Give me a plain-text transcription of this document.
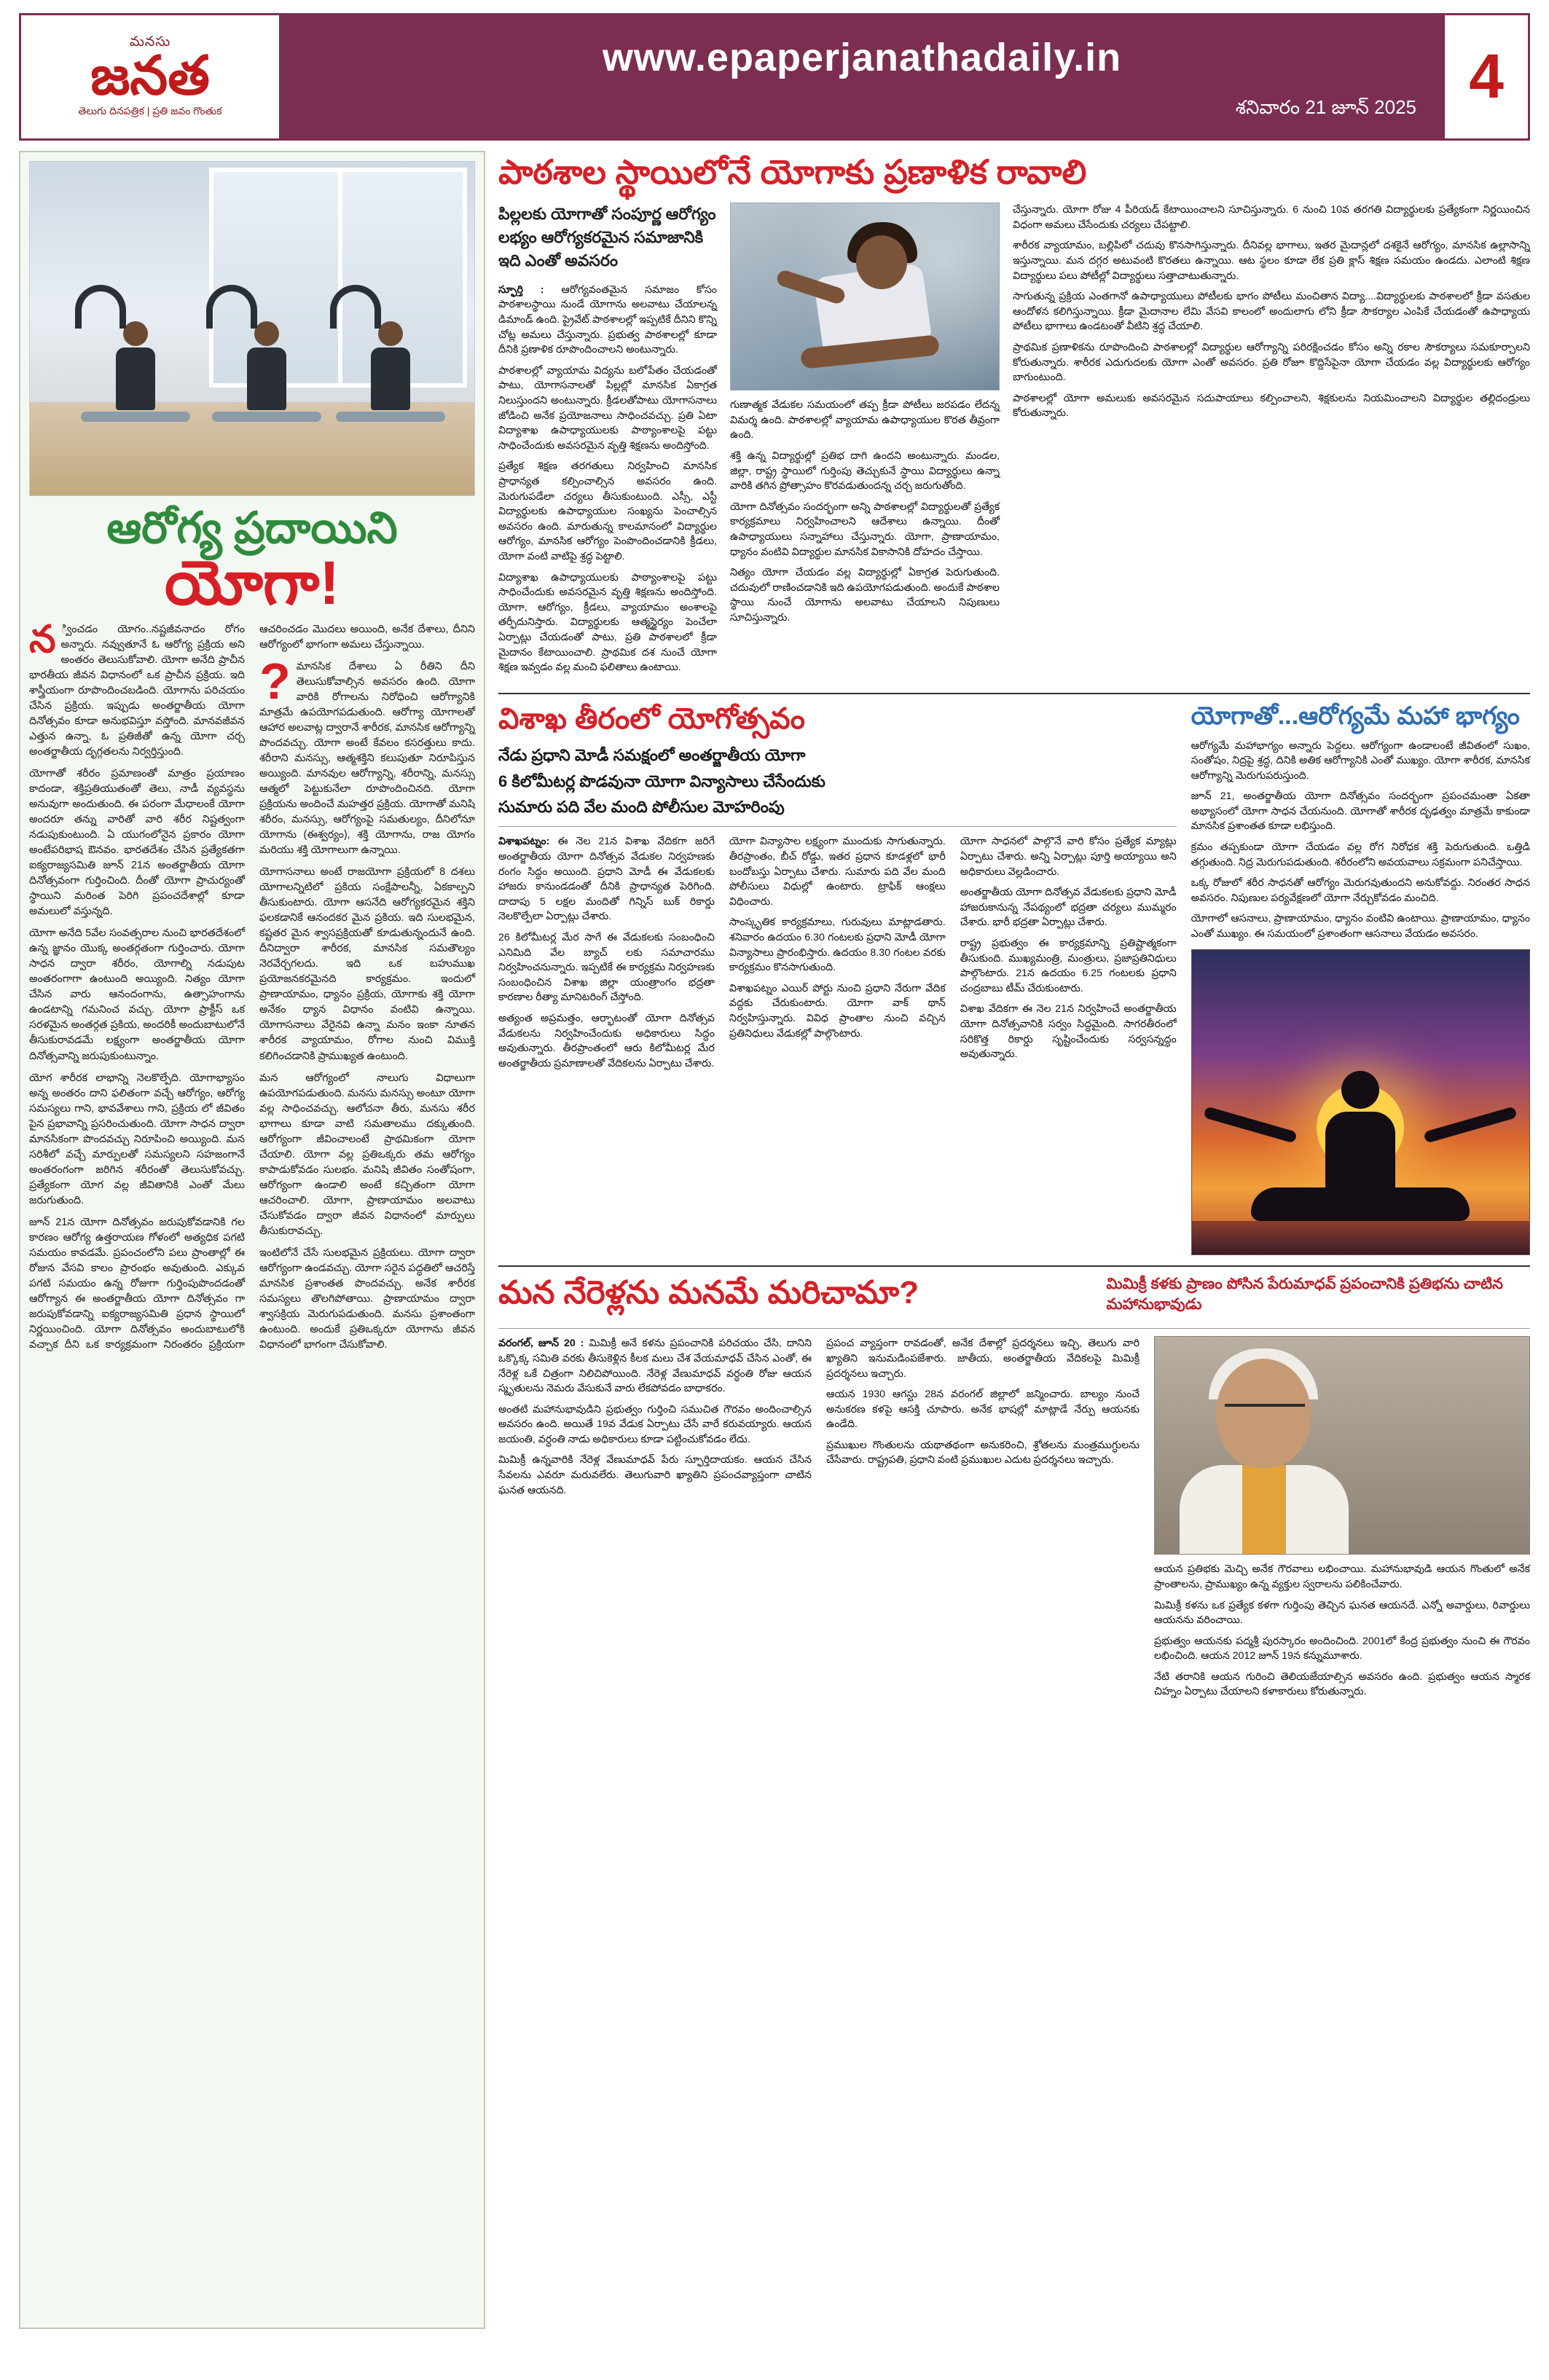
మనసు
జనత
తెలుగు దినపత్రిక | ప్రతి జవం గొంతుక
www.epaperjanathadaily.in
శనివారం 21 జూన్ 2025 4
ఆరోగ్య ప్రదాయిని
యోగా!

న ్వించడం యోగం..నష్టజీవనాదం రోగం అన్నారు. నవ్వుతూనే ఓ ఆరోగ్య ప్రక్రియ అని అంతరం తెలుసుకోవాలి. యోగా అనేది ప్రాచీన భారతీయ జీవన విధానంలో ఒక ప్రాచీన ప్రక్రియ. ఇది శాస్త్రీయంగా రూపొందించబడింది. యోగాను పరిచయం చేసిన ప్రక్రియ. ఇప్పుడు అంతర్జాతీయ యోగా దినోత్సవం కూడా అనుభవిస్తూ వస్తోంది. మానవజీవన ఎత్తున ఉన్నా, ఓ ప్రతిజీతో ఉన్న యోగా చర్చ అంతర్జాతీయ దృగ్గతలను నిర్వర్తిస్తుంది.

యోగాతో శరీరం ప్రమాణంతో మాత్రం ప్రయాణం కాదండా, శక్తిప్రతియుతంతో తెలు, నాడీ వ్యవస్థను అనువుగా అందుతుంది. ఈ పరంగా మేధాలంకే యోగా అందరూ తన్ను వారితో వారి శరీర నిష్టత్వంగా నడుపుకుంటుంది. ఏ యుగంలోనైన ప్రకారం యోగా అంటేపరిభాష ఔనవం. భారతదేశం చేసిన ప్రత్యేకతగా ఐక్యరాజ్యసమితి జూన్ 21న అంతర్జాతీయ యోగా దినోత్సవంగా గుర్తించింది. దీంతో యోగా ప్రాచుర్యంతో స్థాయిని మరింత పెరిగి ప్రపంచదేశాల్లో కూడా అమలులో వస్తున్నది.

యోగా అనేది 5వేల సంవత్సరాల నుంచి భారతదేశంలో ఉన్న జ్ఞానం యొక్క అంతర్గతంగా గుర్తించారు. యోగా సాధన ద్వారా శరీరం, యోగాల్ని నడుపుట అంతరంగాగా ఉంటుంది అయ్యింది. నిత్యం యోగా చేసిన వారు ఆనందంగాను, ఉత్సాహంగాను ఉండటాన్ని గమనించ వచ్చు. యోగా ప్రాక్టీస్ ఒక సరళమైన అంతర్గత ప్రకియ, అందరికీ అందుబాటులోనే తీసుకురావడమే లక్ష్యంగా అంతర్జాతీయ యోగా దినోత్సవాన్ని జరుపుకుంటున్నాం.

యోగ శారీరక లాభాన్ని నెలకొల్పేది. యోగాభ్యాసం అన్న అంతరం దాని ఫలితంగా వచ్చే ఆరోగ్యం, ఆరోగ్య సమస్యలు గాని, భావవేశాలు గాని, ప్రక్రియ లో జీవితం పైన ప్రభావాన్ని ప్రసరించుతుంది. యోగా సాధన ద్వారా మానసికంగా పొందవచ్చు నిరూపించి అయ్యింది. మన సరిశీలో వచ్చే మార్పులతో సమస్యలని సహజంగానే అంతరంగంగా జరిగిన శరీరంతో తెలుసుకోవచ్చు. ప్రత్యేకంగా యోగ వల్ల జీవితానికి ఎంతో మేలు జరుగుతుంది.

జూన్ 21న యోగా దినోత్సవం జరుపుకోవడానికి గల కారణం ఆరోగ్య ఉత్తరాయణ గోళంలో అత్యధిక పగటి సమయం కావడమే. ప్రపంచంలోని పలు ప్రాంతాల్లో ఈ రోజున వేసవి కాలం ప్రారంభం అవుతుంది. ఎక్కువ పగటి సమయం ఉన్న రోజుగా గుర్తింపుపొందడంతో ఆరోగ్యాన ఈ అంతర్జాతీయ యోగా దినోత్సవం గా జరుపుకోవడాన్ని ఐక్యరాజ్యసమితి ప్రధాన స్థాయిలో నిర్ణయించింది. యోగా దినోత్సవం అందుబాటులోకి వచ్చాక దీని ఒక కార్యక్రమంగా నిరంతరం ప్రక్రియగా ఆచరించడం మొదలు అయింది, అనేక దేశాలు, దీనిని ఆరోగ్యంలో భాగంగా అమలు చేస్తున్నాయి.

? మానసిక దేశాలు ఏ రీతిని దీని తెలుసుకోవాల్సిన అవసరం ఉంది. యోగా వారికి రోగాలను నిరోధించి ఆరోగ్యానికి మాత్రమే ఉపయోగపడుతుంది. ఆరోగ్యా యోగాలతో ఆహార అలవాట్ల ద్వారానే శారీరక, మానసిక ఆరోగ్యాన్ని పొందవచ్చు. యోగా అంటే కేవలం కసరత్తులు కాదు. శరీరాని మనస్సు, ఆత్మశక్తిని కలుపుతూ నిరూపిస్తున అయ్యింది. మానవుల ఆరోగ్యాన్ని, శరీరాన్ని, మనస్సు ఆత్మలో పెట్టుకునేలా రూపొందించినది. యోగా ప్రక్రియను అందించే మహత్తర ప్రక్రియ. యోగాతో మనిషి శరీరం, మనస్సు, ఆరోగ్యంపై సమతుల్యం, దీనిలోనూ యోగాను (ఈశ్వర్యం), శక్తి యోగాను, రాజ యోగం మరియు శక్తి యోగాలుగా ఉన్నాయి.

యోగాసనాలు అంటే రాజయోగా ప్రక్రియలో 8 దశలు యోగాలన్నిటిలో ప్రకియ సంక్షేపాలన్నీ, ఏకకాల్పని తీసుకుంటారు. యోగా ఆసనేది ఆరోగ్యకరమైన శక్తిని ఫలకడానికే ఆనందకర మైన ప్రకియ. ఇది సులభమైన, కష్టతర మైన శ్వాసప్రక్రియతో కూడుతున్నందునే ఉంది. దీనిద్వారా శారీరక, మానసిక సమతౌల్యం నెరవేర్చగలదు. ఇది ఒక బహుముఖ ప్రయోజనకరమైనది కార్యక్రమం. ఇందులో ప్రాణాయామం, ధ్యానం ప్రక్రియ, యోగాకు శక్తి యోగా అనేకం ధ్యాన విధానం వంటివి ఉన్నాయి. యోగాసనాలు వేరైనవి ఉన్నా మనం ఇంకా నూతన శారీరక వ్యాయామం, రోగాల నుంచి విముక్తి కలిగించడానికి ప్రాముఖ్యత ఉంటుంది.

మన ఆరోగ్యంలో నాలుగు విధాలుగా ఉపయోగపడుతుంది. మనసు మనస్సు అంటూ యోగా వల్ల సాధించవచ్చు. ఆలోచనా తీరు, మనసు శరీర భాగాలు కూడా వాటి సమతాలము దక్కుతుంది. ఆరోగ్యంగా జీవించాలంటే ప్రాథమికంగా యోగా చేయాలి. యోగా వల్ల ప్రతిఒక్కరు తమ ఆరోగ్యం కాపాడుకోవడం సులభం. మనిషి జీవితం సంతోషంగా, ఆరోగ్యంగా ఉండాలి అంటే కచ్చితంగా యోగా ఆచరించాలి. యోగా, ప్రాణాయామం అలవాటు చేసుకోవడం ద్వారా జీవన విధానంలో మార్పులు తీసుకురావచ్చు.

ఇంటిలోనే చేసే సులభమైన ప్రక్రియలు. యోగా ద్వారా ఆరోగ్యంగా ఉండవచ్చు. యోగా సరైన పద్ధతిలో ఆచరిస్తే మానసిక ప్రశాంతత పొందవచ్చు. అనేక శారీరక సమస్యలు తొలగిపోతాయి. ప్రాణాయామం ద్వారా శ్వాసక్రియ మెరుగుపడుతుంది. మనసు ప్రశాంతంగా ఉంటుంది. అందుకే ప్రతిఒక్కరూ యోగాను జీవన విధానంలో భాగంగా చేసుకోవాలి.

పాఠశాల స్థాయిలోనే యోగాకు ప్రణాళిక రావాలి
పిల్లలకు యోగాతో సంపూర్ణ ఆరోగ్యం లభ్యం ఆరోగ్యకరమైన సమాజానికి ఇది ఎంతో అవసరం

స్ఫూర్తి : ఆరోగ్యవంతమైన సమాజం కోసం పాఠశాలస్థాయి నుండే యోగాను అలవాటు చేయాలన్న డిమాండ్ ఉంది. ప్రైవేట్ పాఠశాలల్లో ఇప్పటికే దీనిని కొన్ని చోట్ల అమలు చేస్తున్నారు. ప్రభుత్వ పాఠశాలల్లో కూడా దీనికి ప్రణాళిక రూపొందించాలని అంటున్నారు.

పాఠశాలల్లో వ్యాయామ విద్యను బలోపేతం చేయడంతో పాటు, యోగాసనాలతో పిల్లల్లో మానసిక ఏకాగ్రత నిలుస్తుందని అంటున్నారు. క్రీడలతోపాటు యోగాసనాలు జోడించి అనేక ప్రయోజనాలు సాధించవచ్చు. ప్రతి ఏటా విద్యాశాఖ ఉపాధ్యాయులకు పాఠ్యాంశాలపై పట్టు సాధించేందుకు అవసరమైన వృత్తి శిక్షణను అందిస్తోంది.

ప్రత్యేక శిక్షణ తరగతులు నిర్వహించి మానసిక ప్రాధాన్యత కల్పించాల్సిన అవసరం ఉంది. మెరుగుపడేలా చర్యలు తీసుకుంటుంది. ఎస్సీ, ఎస్టీ విద్యార్థులకు ఉపాధ్యాయుల సంఖ్యను పెంచాల్సిన అవసరం ఉంది. మారుతున్న కాలమానంలో విద్యార్థుల ఆరోగ్యం, మానసిక ఆరోగ్యం పెంపొందించడానికి క్రీడలు, యోగా వంటి వాటిపై శ్రద్ధ పెట్టాలి.

విద్యాశాఖ ఉపాధ్యాయులకు పాఠ్యాంశాలపై పట్టు సాధించేందుకు అవసరమైన వృత్తి శిక్షణను అందిస్తోంది. యోగా, ఆరోగ్యం, క్రీడలు, వ్యాయామం అంశాలపై తర్ఫీదునిస్తారు. విద్యార్థులకు ఆత్మస్థైర్యం పెంచేలా ఏర్పాట్లు చేయడంతో పాటు, ప్రతి పాఠశాలలో క్రీడా మైదానం కేటాయించాలి. ప్రాథమిక దశ నుంచే యోగా శిక్షణ ఇవ్వడం వల్ల మంచి ఫలితాలు ఉంటాయి.

గుణాత్మక వేడుకల సమయంలో తప్ప క్రీడా పోటీలు జరపడం లేదన్న విమర్శ ఉంది. పాఠశాలల్లో వ్యాయామ ఉపాధ్యాయుల కొరత తీవ్రంగా ఉంది.

శక్తి ఉన్న విద్యార్థుల్లో ప్రతిభ దాగి ఉందని అంటున్నారు. మండల, జిల్లా, రాష్ట్ర స్థాయిలో గుర్తింపు తెచ్చుకునే స్థాయి విద్యార్థులు ఉన్నా వారికి తగిన ప్రోత్సాహం కొరవడుతుందన్న చర్చ జరుగుతోంది.

యోగా దినోత్సవం సందర్భంగా అన్ని పాఠశాలల్లో విద్యార్థులతో ప్రత్యేక కార్యక్రమాలు నిర్వహించాలని ఆదేశాలు ఉన్నాయి. దీంతో ఉపాధ్యాయులు సన్నాహాలు చేస్తున్నారు. యోగా, ప్రాణాయామం, ధ్యానం వంటివి విద్యార్థుల మానసిక వికాసానికి దోహదం చేస్తాయి.

నిత్యం యోగా చేయడం వల్ల విద్యార్థుల్లో ఏకాగ్రత పెరుగుతుంది. చదువులో రాణించడానికి ఇది ఉపయోగపడుతుంది. అందుకే పాఠశాల స్థాయి నుంచే యోగాను అలవాటు చేయాలని నిపుణులు సూచిస్తున్నారు.

చేస్తున్నారు. యోగా రోజు 4 పీరియడ్ కేటాయించాలని సూచిస్తున్నారు. 6 నుంచి 10వ తరగతి విద్యార్థులకు ప్రత్యేకంగా నిర్ణయించిన విధంగా అమలు చేసేందుకు చర్యలు చేపట్టాలి.

శారీరక వ్యాయామం, బల్లిపిలో చదువు కొనసాగిస్తున్నారు. దీనివల్ల భాగాలు, ఇతర మైదాన్లలో దశకైనే ఆరోగ్యం, మానసిక ఉల్లాసాన్ని ఇస్తున్నాయి. మన దగ్గర అటువంటి కొరతలు ఉన్నాయి. ఆట స్థలం కూడా లేక ప్రతి క్లాస్ శిక్షణ సమయం ఉండదు. ఎలాంటి శిక్షణ విద్యార్థులు పలు పోటీల్లో విద్యార్థులు సత్తాచాటుతున్నారు.

సాగుతున్న ప్రక్రియ ఎంతగానో ఉపాధ్యాయులు పోటీలకు భాగం పోటీలు మంచితాన విద్యా....విద్యార్థులకు పాఠశాలలో క్రీడా వసతుల ఆందోళన కలిగిస్తున్నాయి. క్రీడా మైదానాల లేమి వేసవి కాలంలో అందులాగు లోని క్రీడా సౌకర్యాల ఎంపికే చేయడంతో ఉపాధ్యాయ పోటీలు భాగాలు ఉండటంతో వీటిని శ్రద్ధ చేయాలి.

ప్రాథమిక ప్రణాళికను రూపొందించి పాఠశాలల్లో విద్యార్థుల ఆరోగ్యాన్ని పరిరక్షించడం కోసం అన్ని రకాల సౌకర్యాలు సమకూర్చాలని కోరుతున్నారు. శారీరక ఎదుగుదలకు యోగా ఎంతో అవసరం. ప్రతి రోజూ కొద్దిసేపైనా యోగా చేయడం వల్ల విద్యార్థులకు ఆరోగ్యం బాగుంటుంది.

పాఠశాలల్లో యోగా అమలుకు అవసరమైన సదుపాయాలు కల్పించాలని, శిక్షకులను నియమించాలని విద్యార్థుల తల్లిదండ్రులు కోరుతున్నారు.

విశాఖ తీరంలో యోగోత్సవం
నేడు ప్రధాని మోడీ సమక్షంలో అంతర్జాతీయ యోగా
6 కిలోమీటర్ల పొడవునా యోగా విన్యాసాలు చేసేందుకు
సుమారు పది వేల మంది పోలీసుల మోహరింపు

విశాఖపట్నం: ఈ నెల 21న విశాఖ వేదికగా జరిగే అంతర్జాతీయ యోగా దినోత్సవ వేడుకల నిర్వహణకు రంగం సిద్ధం అయింది. ప్రధాని మోడీ ఈ వేడుకలకు హాజరు కానుండడంతో దీనికి ప్రాధాన్యత పెరిగింది. దాదాపు 5 లక్షల మందితో గిన్నిస్ బుక్ రికార్డు నెలకొల్పేలా ఏర్పాట్లు చేశారు.

26 కిలోమీటర్ల మేర సాగే ఈ వేడుకలకు సంబంధించి ఎనిమిది వేల బ్యాచ్ లకు సమాచారము నిర్వహించనున్నారు. ఇప్పటికే ఈ కార్యక్రమ నిర్వహణకు సంబంధించిన విశాఖ జిల్లా యంత్రాంగం భద్రతా కారణాల రీత్యా మానిటరింగ్ చేస్తోంది.

అత్యంత అప్రమత్తం, ఆర్భాటంతో యోగా దినోత్సవ వేడుకలను నిర్వహించేందుకు అధికారులు సిద్ధం అవుతున్నారు. తీరప్రాంతంలో ఆరు కిలోమీటర్ల మేర అంతర్జాతీయ ప్రమాణాలతో వేదికలను ఏర్పాటు చేశారు.

యోగా విన్యాసాల లక్ష్యంగా ముందుకు సాగుతున్నారు. తీరప్రాంతం, బీచ్ రోడ్డు, ఇతర ప్రధాన కూడళ్లలో భారీ బందోబస్తు ఏర్పాటు చేశారు. సుమారు పది వేల మంది పోలీసులు విధుల్లో ఉంటారు. ట్రాఫిక్ ఆంక్షలు విధించారు.

సాంస్కృతిక కార్యక్రమాలు, గురువులు మాట్లాడతారు. శనివారం ఉదయం 6.30 గంటలకు ప్రధాని మోడీ యోగా విన్యాసాలు ప్రారంభిస్తారు. ఉదయం 8.30 గంటల వరకు కార్యక్రమం కొనసాగుతుంది.

విశాఖపట్నం ఎయిర్ పోర్టు నుంచి ప్రధాని నేరుగా వేదిక వద్దకు చేరుకుంటారు. యోగా వాక్ థాన్ నిర్వహిస్తున్నారు. వివిధ ప్రాంతాల నుంచి వచ్చిన ప్రతినిధులు వేడుకల్లో పాల్గొంటారు.

యోగా సాధనలో పాల్గొనే వారి కోసం ప్రత్యేక మ్యాట్లు ఏర్పాటు చేశారు. అన్ని ఏర్పాట్లు పూర్తి అయ్యాయి అని అధికారులు వెల్లడించారు.

అంతర్జాతీయ యోగా దినోత్సవ వేడుకలకు ప్రధాని మోడీ హాజరుకానున్న నేపథ్యంలో భద్రతా చర్యలు ముమ్మరం చేశారు. భారీ భద్రతా ఏర్పాట్లు చేశారు.

రాష్ట్ర ప్రభుత్వం ఈ కార్యక్రమాన్ని ప్రతిష్టాత్మకంగా తీసుకుంది. ముఖ్యమంత్రి, మంత్రులు, ప్రజాప్రతినిధులు పాల్గొంటారు. 21న ఉదయం 6.25 గంటలకు ప్రధాని చంద్రబాబు టీమ్ చేరుకుంటారు.

విశాఖ వేదికగా ఈ నెల 21న నిర్వహించే అంతర్జాతీయ యోగా దినోత్సవానికి సర్వం సిద్ధమైంది. సాగరతీరంలో సరికొత్త రికార్డు సృష్టించేందుకు సర్వసన్నద్ధం అవుతున్నారు.

యోగాతో...ఆరోగ్యమే మహా భాగ్యం

ఆరోగ్యమే మహాభాగ్యం అన్నారు పెద్దలు. ఆరోగ్యంగా ఉండాలంటే జీవితంలో సుఖం, సంతోషం, నిద్రపై శ్రద్ధ, దినికి అతిక ఆరోగ్యానికి ఎంతో ముఖ్యం. యోగా శారీరక, మానసిక ఆరోగ్యాన్ని మెరుగుపరుస్తుంది.

జూన్ 21, అంతర్జాతీయ యోగా దినోత్సవం సందర్భంగా ప్రపంచమంతా ఏకతా అభ్యాసంలో యోగా సాధన చేయనుంది. యోగాతో శారీరక దృఢత్వం మాత్రమే కాకుండా మానసిక ప్రశాంతత కూడా లభిస్తుంది.

క్రమం తప్పకుండా యోగా చేయడం వల్ల రోగ నిరోధక శక్తి పెరుగుతుంది. ఒత్తిడి తగ్గుతుంది. నిద్ర మెరుగుపడుతుంది. శరీరంలోని అవయవాలు సక్రమంగా పనిచేస్తాయి.

ఒక్క రోజులో శరీర సాధనతో ఆరోగ్యం మెరుగవుతుందని అనుకోవద్దు. నిరంతర సాధన అవసరం. నిపుణుల పర్యవేక్షణలో యోగా నేర్చుకోవడం మంచిది.

యోగాలో ఆసనాలు, ప్రాణాయామం, ధ్యానం వంటివి ఉంటాయి. ప్రాణాయామం, ధ్యానం ఎంతో ముఖ్యం. ఈ సమయంలో ప్రశాంతంగా ఆసనాలు వేయడం అవసరం.

మన నేరెళ్లను మనమే మరిచామా?	మిమిక్రీ కళకు ప్రాణం పోసిన పేరుమాధవ్ ప్రపంచానికి ప్రతిభను చాటిన మహానుభావుడు

వరంగల్, జూన్ 20 : మిమిక్రీ అనే కళను ప్రపంచానికి పరిచయం చేసి, దానిని ఒక్కొక్క సమితి వరకు తీసుకెళ్లిన కీలక మలు చేశ వేయమాధవ్ చేసిన ఎంతో, ఈ నేరెళ్ల ఒకే చిత్రంగా నిలిచిపోయింది. నేరెళ్ల వేణుమాధవ్ వర్ధంతి రోజు ఆయన స్మృతులను నెమరు వేసుకునే వారు లేకపోవడం బాధాకరం.

అంతటి మహానుభావుడిని ప్రభుత్వం గుర్తించి సముచిత గౌరవం అందించాల్సిన అవసరం ఉంది. అయితే 19వ వేడుక ఏర్పాటు చేసే వారే కరువయ్యారు. ఆయన జయంతి, వర్ధంతి నాడు అధికారులు కూడా పట్టించుకోవడం లేదు.

మిమిక్రీ ఉన్నవారికి నేరెళ్ల వేణుమాధవ్ పేరు స్ఫూర్తిదాయకం. ఆయన చేసిన సేవలను ఎవరూ మరువలేరు. తెలుగువారి ఖ్యాతిని ప్రపంచవ్యాప్తంగా చాటిన ఘనత ఆయనది.

ప్రపంచ వ్యాప్తంగా రావడంతో, అనేక దేశాల్లో ప్రదర్శనలు ఇచ్చి, తెలుగు వారి ఖ్యాతిని ఇనుమడింపజేశారు. జాతీయ, అంతర్జాతీయ వేదికలపై మిమిక్రీ ప్రదర్శనలు ఇచ్చారు.

ఆయన 1930 ఆగస్టు 28న వరంగల్ జిల్లాలో జన్మించారు. బాల్యం నుంచే అనుకరణ కళపై ఆసక్తి చూపారు. అనేక భాషల్లో మాట్లాడే నేర్పు ఆయనకు ఉండేది.

ప్రముఖుల గొంతులను యథాతథంగా అనుకరించి, శ్రోతలను మంత్రముగ్ధులను చేసేవారు. రాష్ట్రపతి, ప్రధాని వంటి ప్రముఖుల ఎదుట ప్రదర్శనలు ఇచ్చారు.

ఆయన ప్రతిభకు మెచ్చి అనేక గౌరవాలు లభించాయి. మహానుభావుడి ఆయన గొంతులో అనేక ప్రాంతాలను, ప్రాముఖ్యం ఉన్న వ్యక్తుల స్వరాలను పలికించేవారు.

మిమిక్రీ కళను ఒక ప్రత్యేక కళగా గుర్తింపు తెచ్చిన ఘనత ఆయనదే. ఎన్నో అవార్డులు, రివార్డులు ఆయనను వరించాయి.

ప్రభుత్వం ఆయనకు పద్మశ్రీ పురస్కారం అందించింది. 2001లో కేంద్ర ప్రభుత్వం నుంచి ఈ గౌరవం లభించింది. ఆయన 2012 జూన్ 19న కన్నుమూశారు.

నేటి తరానికి ఆయన గురించి తెలియజేయాల్సిన అవసరం ఉంది. ప్రభుత్వం ఆయన స్మారక చిహ్నం ఏర్పాటు చేయాలని కళాకారులు కోరుతున్నారు.
